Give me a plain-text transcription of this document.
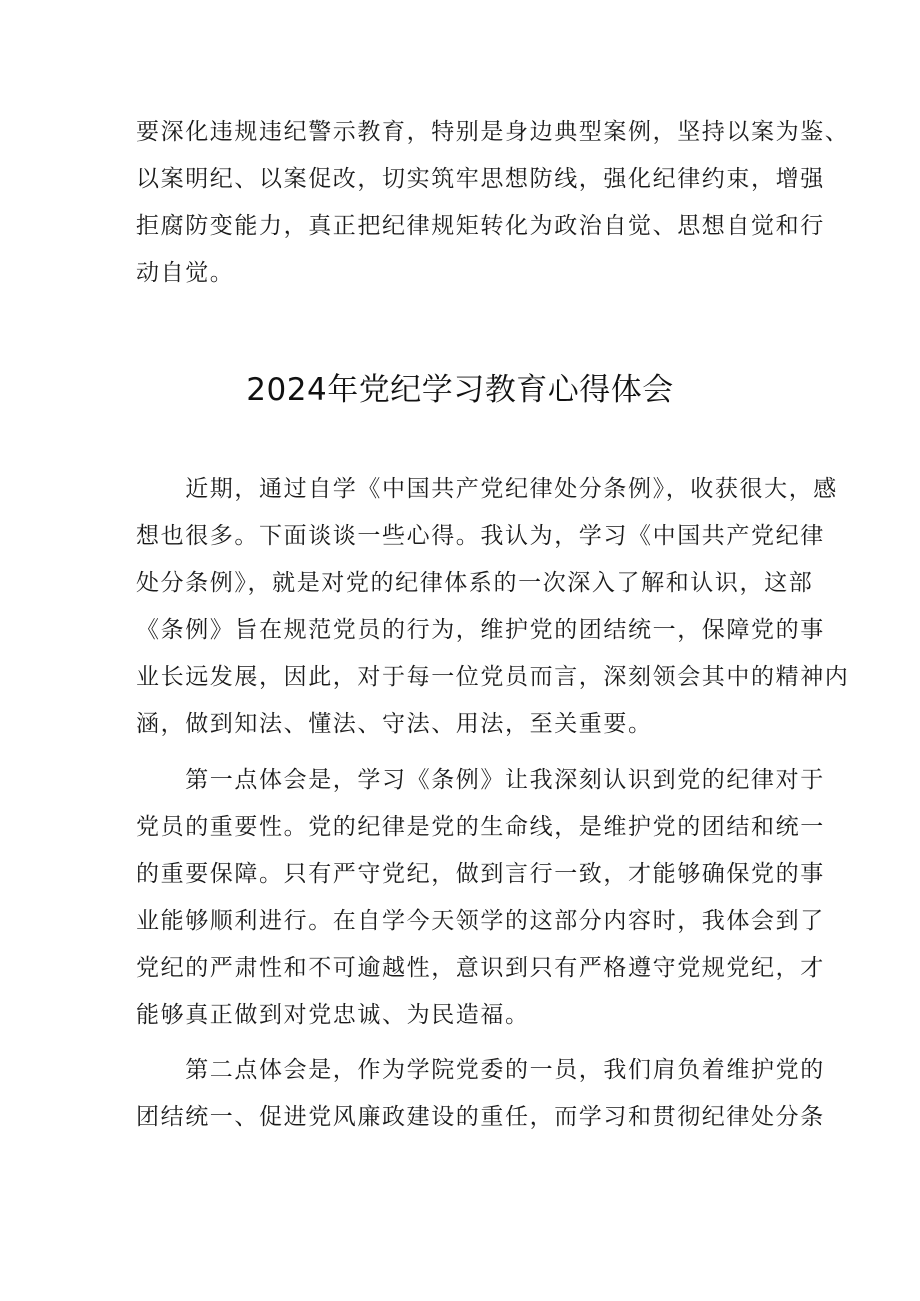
要深化违规违纪警示教育，特别是身边典型案例，坚持以案为鉴、
以案明纪、以案促改，切实筑牢思想防线，强化纪律约束，增强
拒腐防变能力，真正把纪律规矩转化为政治自觉、思想自觉和行
动自觉。
2024年党纪学习教育心得体会
　　近期，通过自学《中国共产党纪律处分条例》，收获很大，感
想也很多。下面谈谈一些心得。我认为，学习《中国共产党纪律
处分条例》，就是对党的纪律体系的一次深入了解和认识，这部
《条例》旨在规范党员的行为，维护党的团结统一，保障党的事
业长远发展，因此，对于每一位党员而言，深刻领会其中的精神内
涵，做到知法、懂法、守法、用法，至关重要。
　　第一点体会是，学习《条例》让我深刻认识到党的纪律对于
党员的重要性。党的纪律是党的生命线，是维护党的团结和统一
的重要保障。只有严守党纪，做到言行一致，才能够确保党的事
业能够顺利进行。在自学今天领学的这部分内容时，我体会到了
党纪的严肃性和不可逾越性，意识到只有严格遵守党规党纪，才
能够真正做到对党忠诚、为民造福。
　　第二点体会是，作为学院党委的一员，我们肩负着维护党的
团结统一、促进党风廉政建设的重任，而学习和贯彻纪律处分条
